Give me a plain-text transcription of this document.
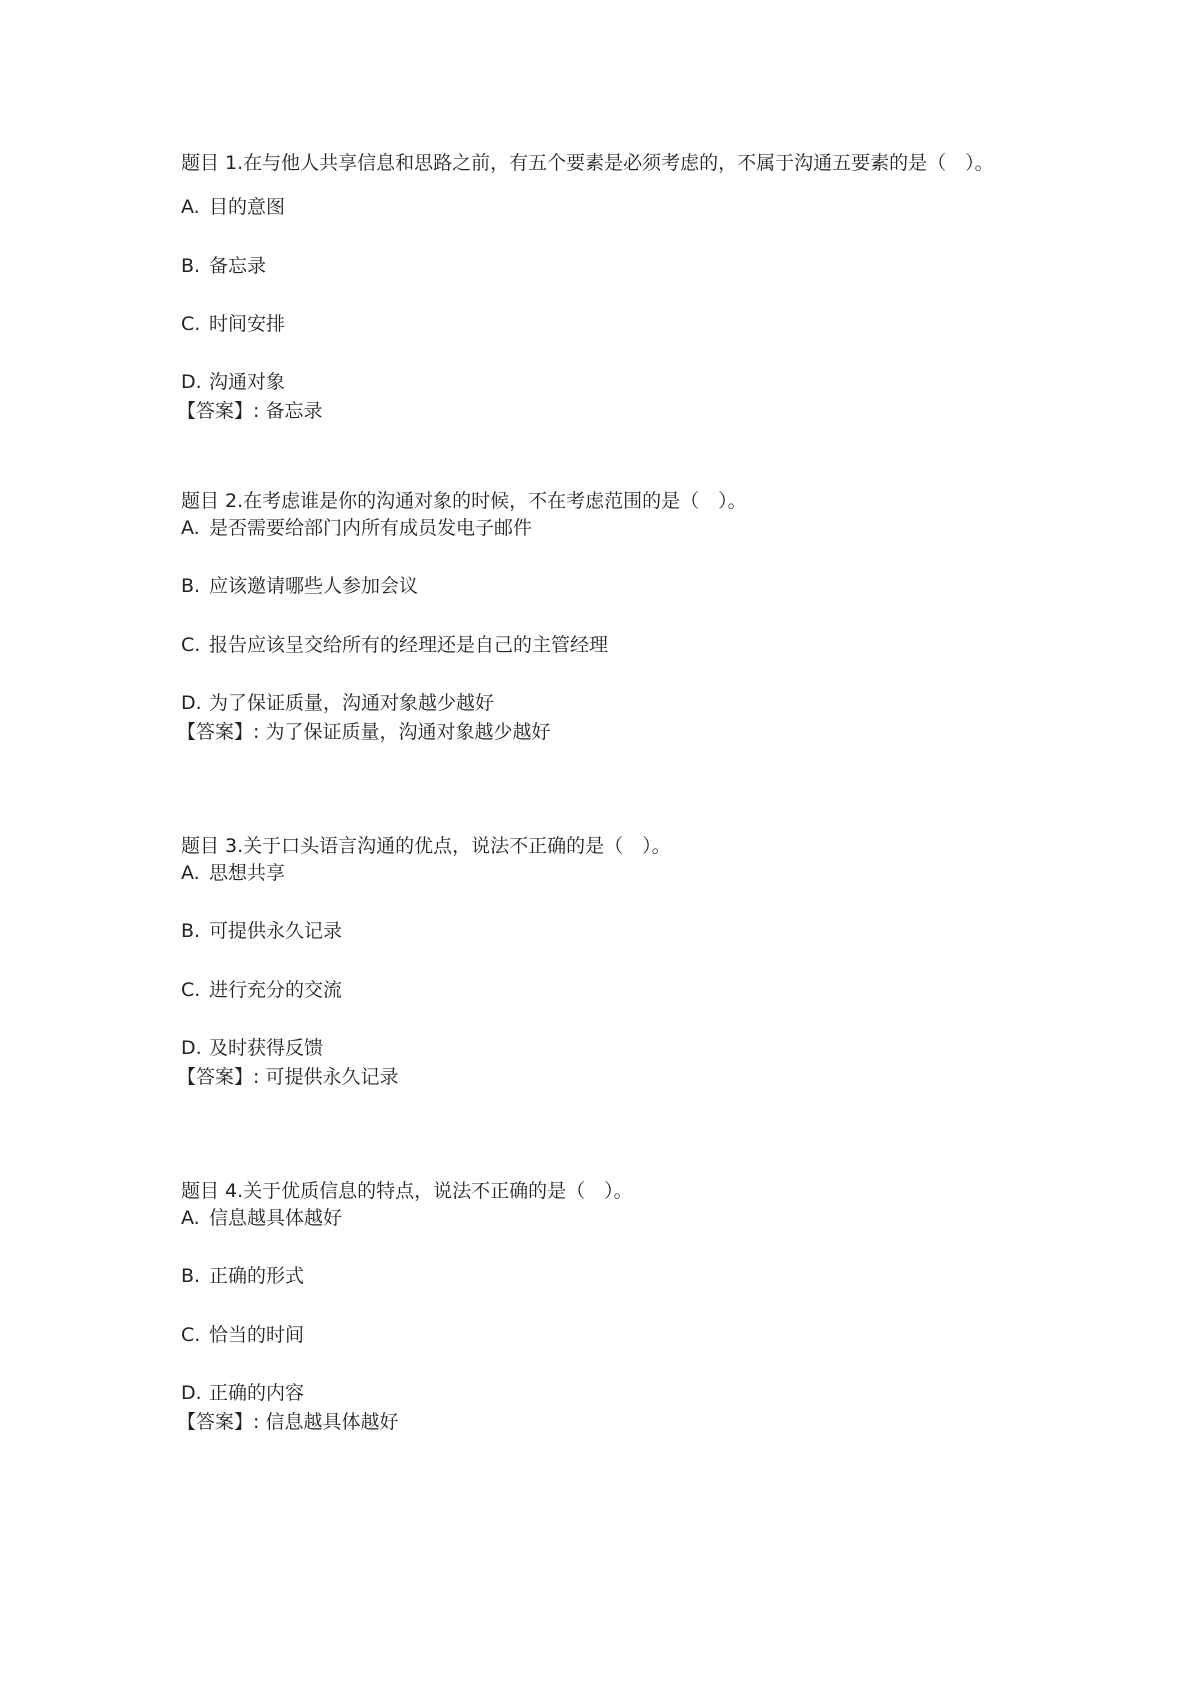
题目 1.在与他人共享信息和思路之前，有五个要素是必须考虑的，不属于沟通五要素的是（　）。

A. 目的意图
B. 备忘录
C. 时间安排
D. 沟通对象
【答案】: 备忘录

题目 2.在考虑谁是你的沟通对象的时候，不在考虑范围的是（　）。

A. 是否需要给部门内所有成员发电子邮件
B. 应该邀请哪些人参加会议
C. 报告应该呈交给所有的经理还是自己的主管经理
D. 为了保证质量，沟通对象越少越好
【答案】: 为了保证质量，沟通对象越少越好

题目 3.关于口头语言沟通的优点，说法不正确的是（　）。

A. 思想共享
B. 可提供永久记录
C. 进行充分的交流
D. 及时获得反馈
【答案】: 可提供永久记录

题目 4.关于优质信息的特点，说法不正确的是（　）。

A. 信息越具体越好
B. 正确的形式
C. 恰当的时间
D. 正确的内容
【答案】: 信息越具体越好
